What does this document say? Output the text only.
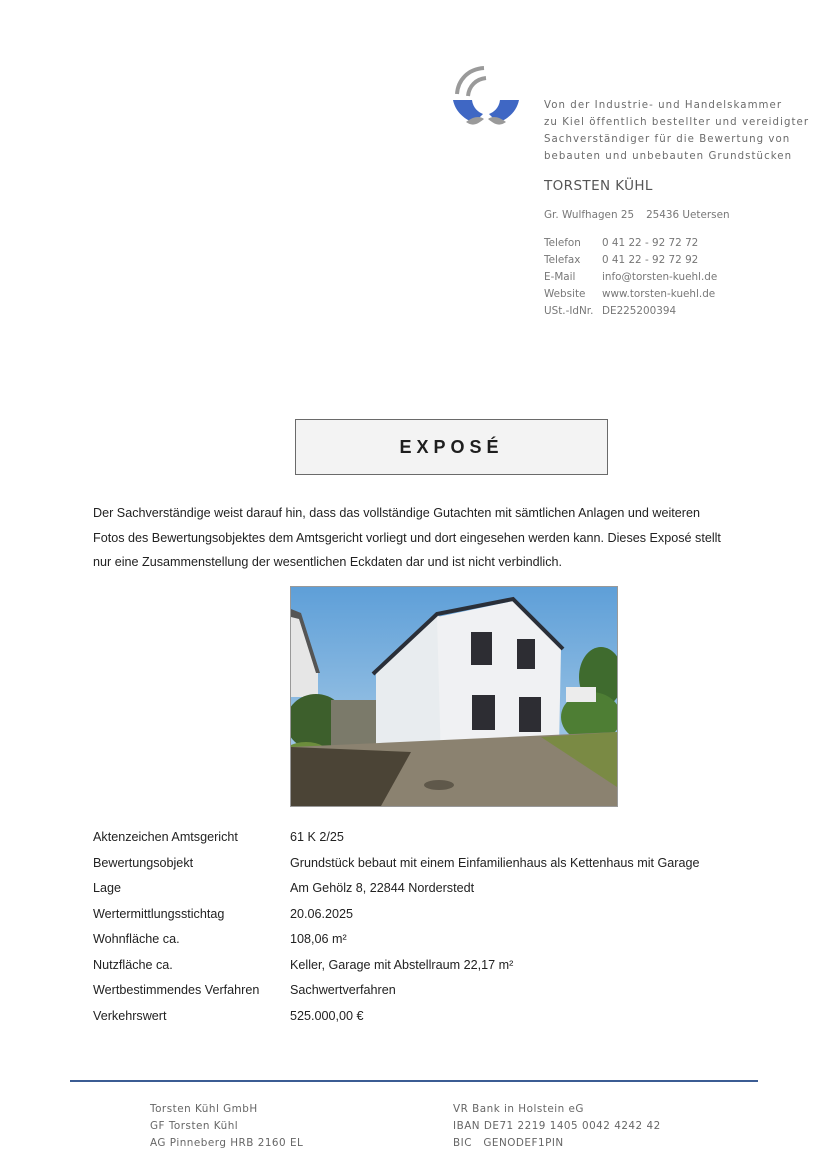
Von der Industrie- und Handelskammer
zu Kiel öffentlich bestellter und vereidigter
Sachverständiger für die Bewertung von
bebauten und unbebauten Grundstücken
TORSTEN KÜHL
Gr. Wulfhagen 25 25436 Uetersen
Telefon 0 41 22 - 92 72 72
Telefax 0 41 22 - 92 72 92
E-Mail	info@torsten-kuehl.de
Website www.torsten-kuehl.de
USt.-IdNr. DE225200394
EXPOSÉ
Der Sachverständige weist darauf hin, dass das vollständige Gutachten mit sämtlichen Anlagen und weiteren Fotos des Bewertungsobjektes dem Amtsgericht vorliegt und dort eingesehen werden kann. Dieses Exposé stellt nur eine Zusammenstellung der wesentlichen Eckdaten dar und ist nicht verbindlich.
Aktenzeichen Amtsgericht	61 K 2/25
Bewertungsobjekt	Grundstück bebaut mit einem Einfamilienhaus als Kettenhaus mit Garage
Lage	Am Gehölz 8, 22844 Norderstedt
Wertermittlungsstichtag	20.06.2025
Wohnfläche ca.	108,06 m²
Nutzfläche ca.	Keller, Garage mit Abstellraum 22,17 m²
Wertbestimmendes Verfahren Sachwertverfahren
Verkehrswert	525.000,00 €
Torsten Kühl GmbH
GF Torsten Kühl
AG Pinneberg HRB 2160 EL
VR Bank in Holstein eG
IBAN DE71 2219 1405 0042 4242 42
BIC   GENODEF1PIN
